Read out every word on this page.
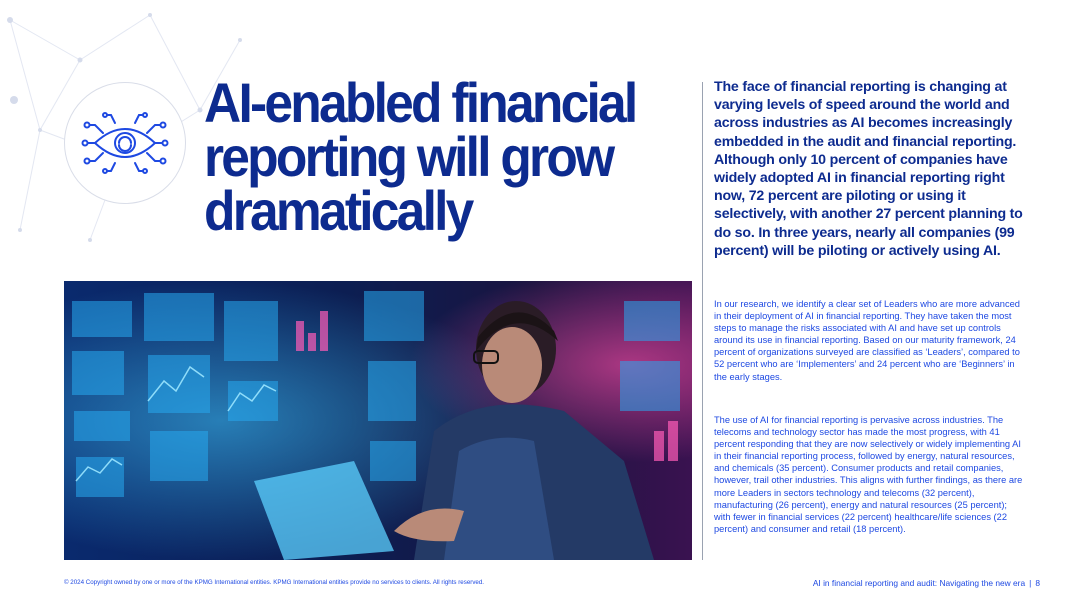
AI-enabled financial reporting will grow dramatically

The face of financial reporting is changing at varying levels of speed around the world and across industries as AI becomes increasingly embedded in the audit and financial reporting. Although only 10 percent of companies have widely adopted AI in financial reporting right now, 72 percent are piloting or using it selectively, with another 27 percent planning to do so. In three years, nearly all companies (99 percent) will be piloting or actively using AI.

In our research, we identify a clear set of Leaders who are more advanced in their deployment of AI in financial reporting. They have taken the most steps to manage the risks associated with AI and have set up controls around its use in financial reporting. Based on our maturity framework, 24 percent of organizations surveyed are classified as ‘Leaders’, compared to 52 percent who are ‘Implementers’ and 24 percent who are ‘Beginners’ in the early stages.

The use of AI for financial reporting is pervasive across industries. The telecoms and technology sector has made the most progress, with 41 percent responding that they are now selectively or widely implementing AI in their financial reporting process, followed by energy, natural resources, and chemicals (35 percent). Consumer products and retail companies, however, trail other industries. This aligns with further findings, as there are more Leaders in sectors technology and telecoms (32 percent), manufacturing (26 percent), energy and natural resources (25 percent); with fewer in financial services (22 percent) healthcare/life sciences (22 percent) and consumer and retail (18 percent).

© 2024 Copyright owned by one or more of the KPMG International entities. KPMG International entities provide no services to clients. All rights reserved.	AI in financial reporting and audit: Navigating the new era | 8
